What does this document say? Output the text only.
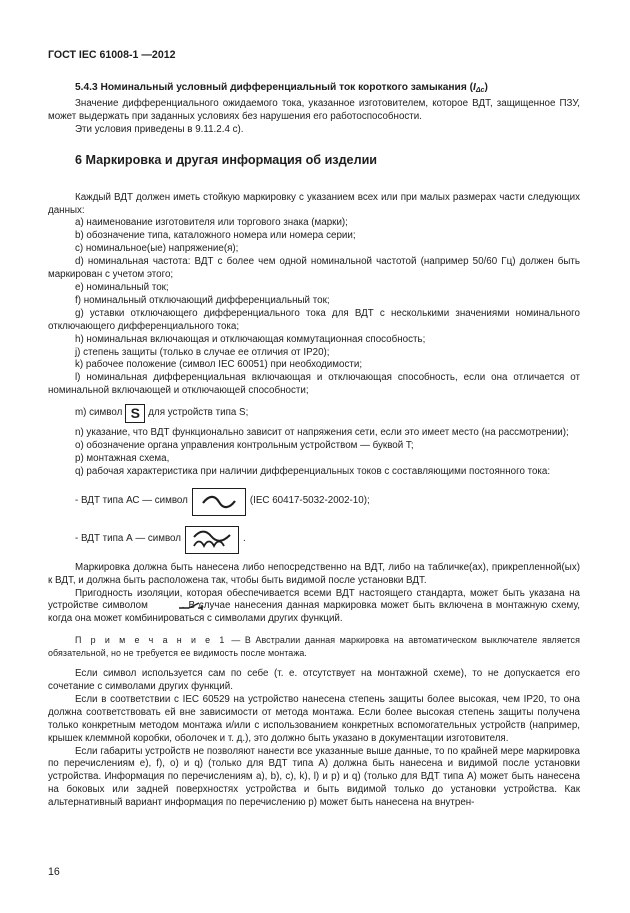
ГОСТ IEC 61008-1 —2012

5.4.3 Номинальный условный дифференциальный ток короткого замыкания $(I_{\Delta с})$

Значение дифференциального ожидаемого тока, указанное изготовителем, которое ВДТ, защищенное ПЗУ, может выдержать при заданных условиях без нарушения его работоспособности.

Эти условия приведены в 9.11.2.4 с).

6 Маркировка и другая информация об изделии

Каждый ВДТ должен иметь стойкую маркировку с указанием всех или при малых размерах части следующих данных:

а) наименование изготовителя или торгового знака (марки);

b) обозначение типа, каталожного номера или номера серии;

c) номинальное(ые) напряжение(я);

d) номинальная частота: ВДТ с более чем одной номинальной частотой (например 50/60 Гц) должен быть маркирован с учетом этого;

e) номинальный ток;

f) номинальный отключающий дифференциальный ток;

g) уставки отключающего дифференциального тока для ВДТ с несколькими значениями номинального отключающего дифференциального тока;

h) номинальная включающая и отключающая коммутационная способность;

j) степень защиты (только в случае ее отличия от IP20);

k) рабочее положение (символ IEC 60051) при необходимости;

l) номинальная дифференциальная включающая и отключающая способность, если она отличается от номинальной включающей и отключающей способности;

m) символ S для устройств типа S;

n) указание, что ВДТ функционально зависит от напряжения сети, если это имеет место (на рассмотрении);

o) обозначение органа управления контрольным устройством — буквой T;

p) монтажная схема,

q) рабочая характеристика при наличии дифференциальных токов с составляющими постоянного тока:

- ВДТ типа АС — символ	(IEC 60417-5032-2002-10);
- ВДТ типа А — символ	.

Маркировка должна быть нанесена либо непосредственно на ВДТ, либо на табличке(ах), прикрепленной(ых) к ВДТ, и должна быть расположена так, чтобы быть видимой после установки ВДТ.

Пригодность изоляции, которая обеспечивается всеми ВДТ настоящего стандарта, может быть указана на устройстве символом	. В случае нанесения данная маркировка может быть включена в монтажную схему, когда она может комбинироваться с символами других функций.

П р и м е ч а н и е 1 — В Австралии данная маркировка на автоматическом выключателе является обязательной, но не требуется ее видимость после монтажа.

Если символ используется сам по себе (т. е. отсутствует на монтажной схеме), то не допускается его сочетание с символами других функций.

Если в соответствии с IEC 60529 на устройство нанесена степень защиты более высокая, чем IP20, то она должна соответствовать ей вне зависимости от метода монтажа. Если более высокая степень защиты получена только конкретным методом монтажа и/или с использованием конкретных вспомогательных устройств (например, крышек клеммной коробки, оболочек и т. д.), это должно быть указано в документации изготовителя.

Если габариты устройств не позволяют нанести все указанные выше данные, то по крайней мере маркировка по перечислениям е), f), о) и q) (только для ВДТ типа А) должна быть нанесена и видимой после установки устройства. Информация по перечислениям а), b), с), k), l) и р) и q) (только для ВДТ типа А) может быть нанесена на боковых или задней поверхностях устройства и быть видимой только до установки устройства. Как альтернативный вариант информация по перечислению р) может быть нанесена на внутрен-

16
